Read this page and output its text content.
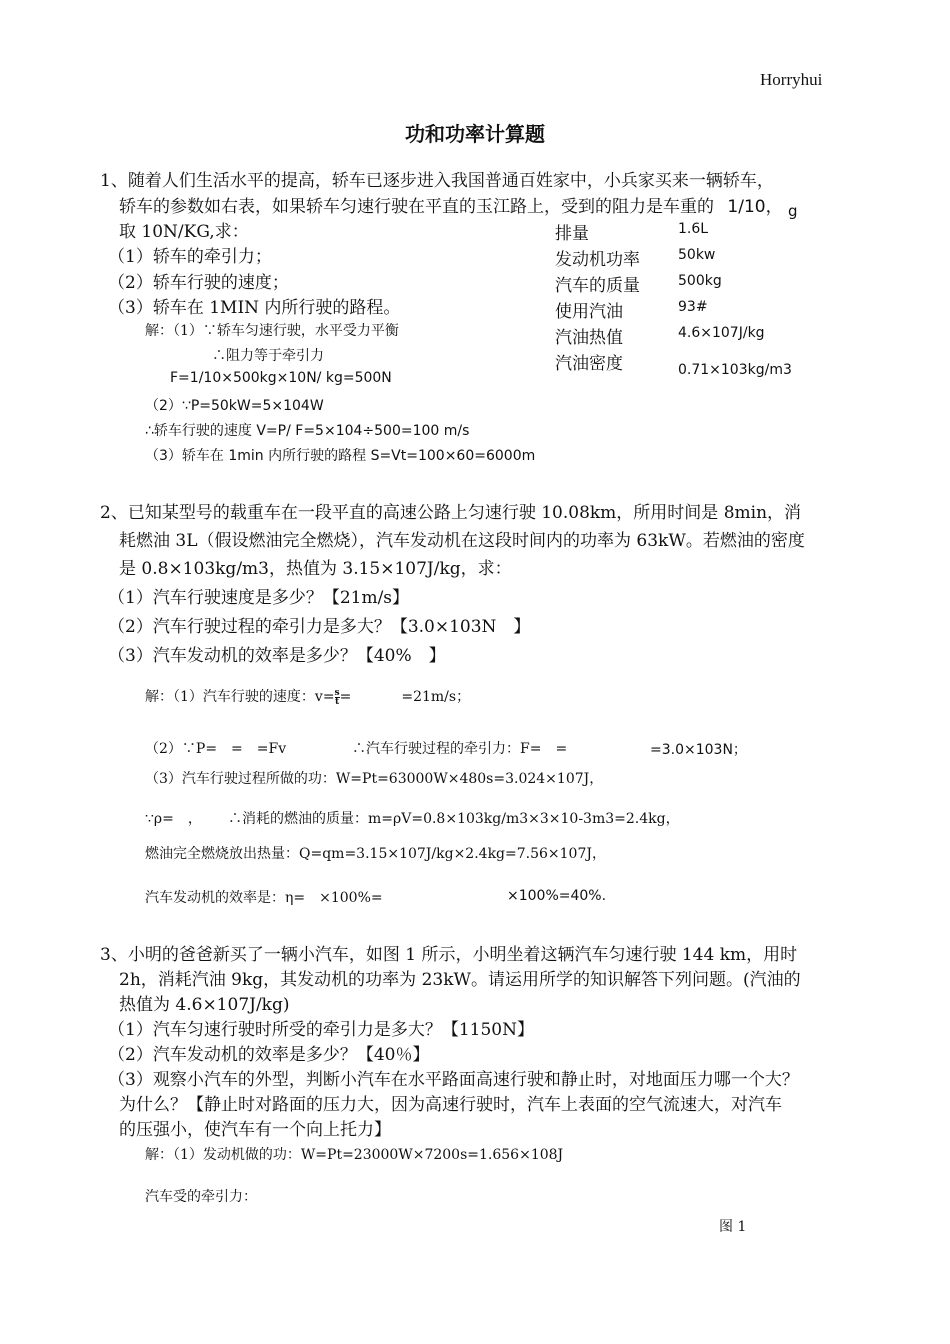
Horryhui
功和功率计算题
1、随着人们生活水平的提高，轿车已逐步进入我国普通百姓家中，小兵家买来一辆轿车，
轿车的参数如右表，如果轿车匀速行驶在平直的玉江路上，受到的阻力是车重的 1/10， g
取 10N/KG,求：
（1）轿车的牵引力；
（2）轿车行驶的速度；
（3）轿车在 1MIN 内所行驶的路程。
排量	1.6L
发动机功率	50kw
汽车的质量	500kg
使用汽油	93#
汽油热值	4.6×107J/kg
汽油密度	0.71×103kg/m3
解：（1）∵轿车匀速行驶，水平受力平衡
∴阻力等于牵引力
F=1/10×500kg×10N/ kg=500N
（2）∵P=50kW=5×104W
∴轿车行驶的速度 V=P/ F=5×104÷500=100 m/s
（3）轿车在 1min 内所行驶的路程 S=Vt=100×60=6000m
2、已知某型号的载重车在一段平直的高速公路上匀速行驶 10.08km，所用时间是 8min，消
耗燃油 3L（假设燃油完全燃烧），汽车发动机在这段时间内的功率为 63kW。若燃油的密度
是 0.8×103kg/m3，热值为 3.15×107J/kg，求：
（1）汽车行驶速度是多少？【21m/s】
（2）汽车行驶过程的牵引力是多大？【3.0×103N　】
（3）汽车发动机的效率是多少？【40%　】
解：（1）汽车行驶的速度：$v= \frac{s}{t}$ =	=21m/s；
（2）∵P=　=　=Fv	∴汽车行驶过程的牵引力：F=　=	=3.0×103N；
（3）汽车行驶过程所做的功：W=Pt=63000W×480s=3.024×107J，
∵ρ=　， ∴消耗的燃油的质量：m=ρV=0.8×103kg/m3×3×10-3m3=2.4kg，
燃油完全燃烧放出热量：Q=qm=3.15×107J/kg×2.4kg=7.56×107J，
汽车发动机的效率是：η=　×100%=	×100%=40%.
3、小明的爸爸新买了一辆小汽车，如图 1 所示，小明坐着这辆汽车匀速行驶 144 km，用时
2h，消耗汽油 9kg，其发动机的功率为 23kW。请运用所学的知识解答下列问题。(汽油的
热值为 4.6×107J/kg)
（1）汽车匀速行驶时所受的牵引力是多大？【1150N】
（2）汽车发动机的效率是多少？【40％】
（3）观察小汽车的外型，判断小汽车在水平路面高速行驶和静止时，对地面压力哪一个大？
为什么？【静止时对路面的压力大，因为高速行驶时，汽车上表面的空气流速大，对汽车
的压强小，使汽车有一个向上托力】
解：（1）发动机做的功：W=Pt=23000W×7200s=1.656×108J
汽车受的牵引力：
图 1
